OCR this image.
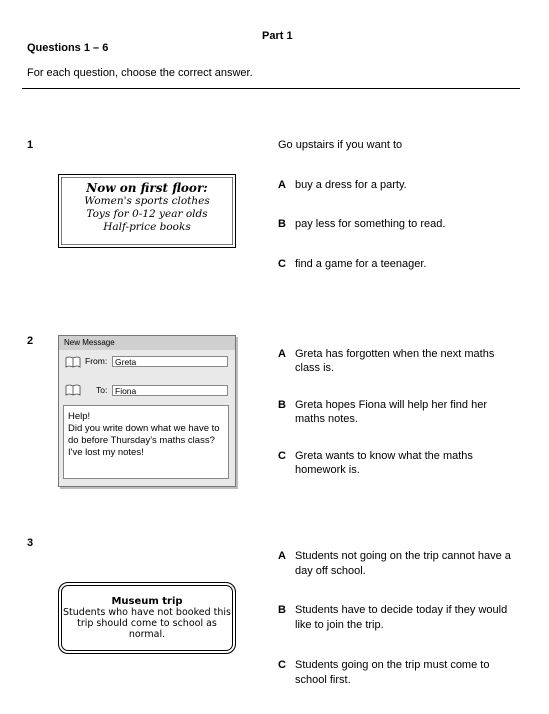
Part 1
Questions 1 – 6
For each question, choose the correct answer.
1	Go upstairs if you want to
Now on first floor:
Women's sports clothes
Toys for 0-12 year olds
Half-price books
A buy a dress for a party.
B pay less for something to read.
C find a game for a teenager.
2	New Message
From: Greta
To: Fiona
Help!
Did you write down what we have to
do before Thursday's maths class?
I've lost my notes!
A Greta has forgotten when the next maths
class is.
B Greta hopes Fiona will help her find her
maths notes.
C Greta wants to know what the maths
homework is.
3
Museum trip
Students who have not booked this
trip should come to school as
normal.
A Students not going on the trip cannot have a
day off school.
B Students have to decide today if they would
like to join the trip.
C Students going on the trip must come to
school first.
